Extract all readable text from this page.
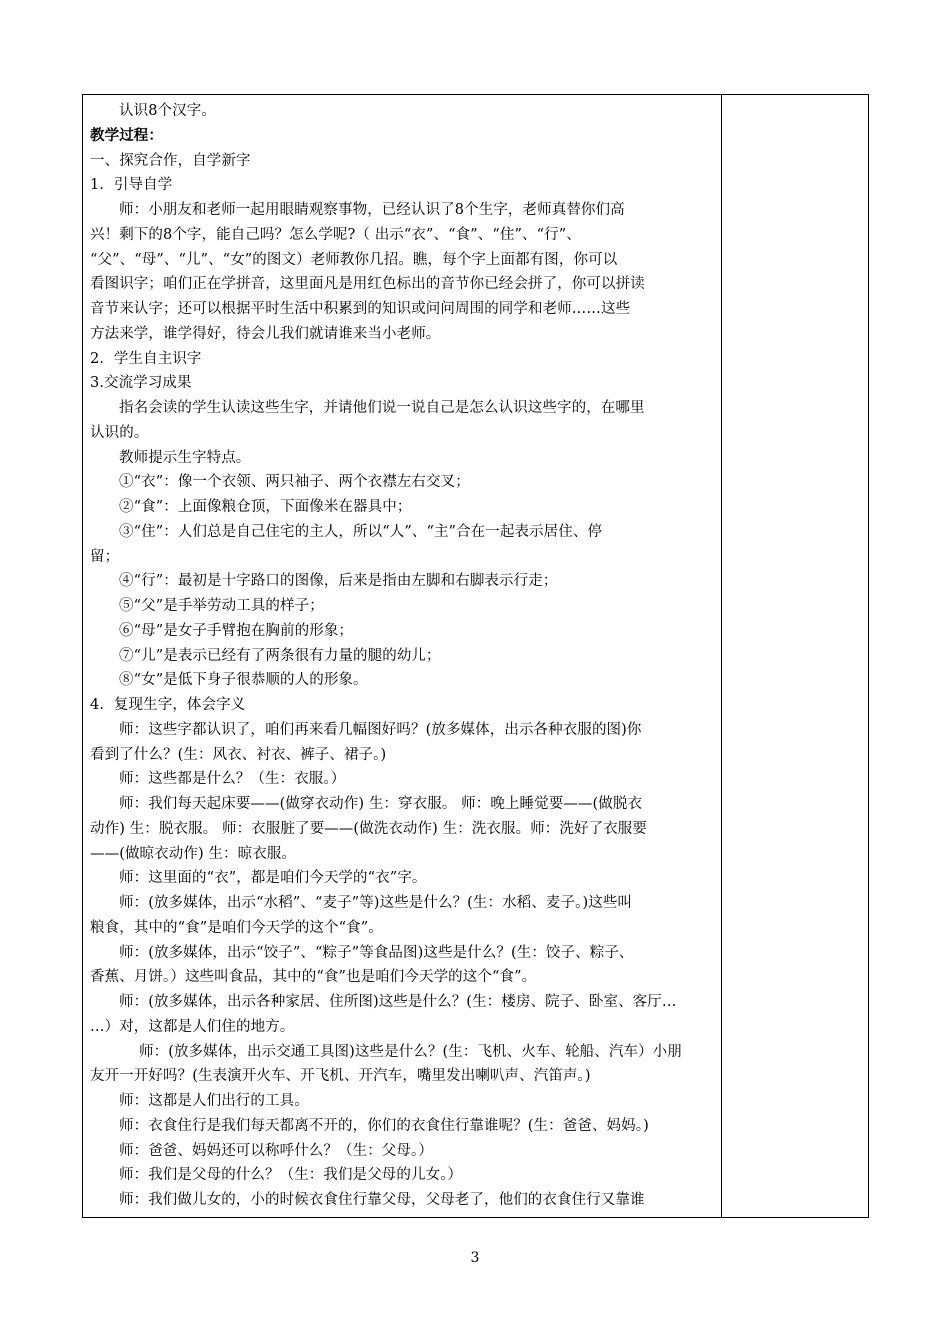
认识8个汉字。
教学过程：
一、探究合作，自学新字
1．引导自学
师：小朋友和老师一起用眼睛观察事物，已经认识了8个生字，老师真替你们高
兴！剩下的8个字，能自己吗？怎么学呢?（ 出示“衣”、“食”、“住”、“行”、
“父”、“母”、“儿”、“女”的图文）老师教你几招。瞧，每个字上面都有图，你可以
看图识字；咱们正在学拼音，这里面凡是用红色标出的音节你已经会拼了，你可以拼读
音节来认字；还可以根据平时生活中积累到的知识或问问周围的同学和老师……这些
方法来学，谁学得好，待会儿我们就请谁来当小老师。
2．学生自主识字
3.交流学习成果
指名会读的学生认读这些生字，并请他们说一说自己是怎么认识这些字的，在哪里
认识的。
教师提示生字特点。
①“衣”：像一个衣领、两只袖子、两个衣襟左右交叉；
②“食”：上面像粮仓顶，下面像米在器具中；
③“住”：人们总是自己住宅的主人，所以“人”、“主”合在一起表示居住、停
留；
④“行”：最初是十字路口的图像，后来是指由左脚和右脚表示行走；
⑤“父”是手举劳动工具的样子；
⑥“母”是女子手臂抱在胸前的形象；
⑦“儿”是表示已经有了两条很有力量的腿的幼儿；
⑧“女”是低下身子很恭顺的人的形象。
4．复现生字，体会字义
师：这些字都认识了，咱们再来看几幅图好吗？(放多媒体，出示各种衣服的图)你
看到了什么？(生：风衣、衬衣、裤子、裙子。)
师：这些都是什么？（生：衣服。）
师：我们每天起床要——(做穿衣动作) 生：穿衣服。 师：晚上睡觉要——(做脱衣
动作) 生：脱衣服。 师：衣服脏了要——(做洗衣动作) 生：洗衣服。师：洗好了衣服要
——(做晾衣动作) 生：晾衣服。
师：这里面的“衣”，都是咱们今天学的“衣”字。
师：(放多媒体，出示“水稻”、“麦子”等)这些是什么？(生：水稻、麦子。)这些叫
粮食，其中的“食”是咱们今天学的这个“食”。
师：(放多媒体，出示“饺子”、“粽子”等食品图)这些是什么？(生：饺子、粽子、
香蕉、月饼。）这些叫食品，其中的“食”也是咱们今天学的这个“食”。
师：(放多媒体，出示各种家居、住所图)这些是什么？(生：楼房、院子、卧室、客厅…
…）对，这都是人们住的地方。
师：(放多媒体，出示交通工具图)这些是什么？(生：飞机、火车、轮船、汽车）小朋
友开一开好吗？(生表演开火车、开飞机、开汽车，嘴里发出喇叭声、汽笛声。)
师：这都是人们出行的工具。
师：衣食住行是我们每天都离不开的，你们的衣食住行靠谁呢？(生：爸爸、妈妈。)
师：爸爸、妈妈还可以称呼什么？（生：父母。）
师：我们是父母的什么？（生：我们是父母的儿女。）
师：我们做儿女的，小的时候衣食住行靠父母，父母老了，他们的衣食住行又靠谁
3
